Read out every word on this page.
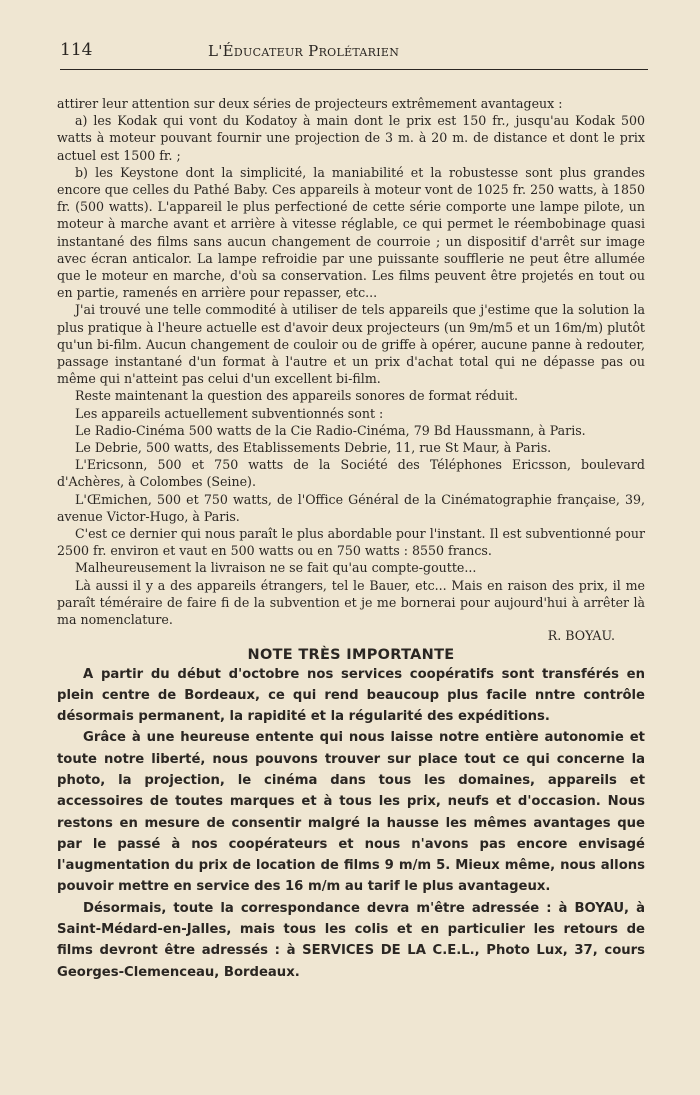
114	L'Éducateur Prolétarien

attirer leur attention sur deux séries de projecteurs extrêmement avantageux :

a) les Kodak qui vont du Kodatoy à main dont le prix est 150 fr., jusqu'au Kodak 500 watts à moteur pouvant fournir une projection de 3 m. à 20 m. de distance et dont le prix actuel est 1500 fr. ;

b) les Keystone dont la simplicité, la maniabilité et la robustesse sont plus grandes encore que celles du Pathé Baby. Ces appareils à moteur vont de 1025 fr. 250 watts, à 1850 fr. (500 watts). L'appareil le plus perfectioné de cette série comporte une lampe pilote, un moteur à marche avant et arrière à vitesse réglable, ce qui permet le réembobinage quasi instantané des films sans aucun changement de courroie ; un dispositif d'arrêt sur image avec écran anticalor. La lampe refroidie par une puissante soufflerie ne peut être allumée que le moteur en marche, d'où sa conservation. Les films peuvent être projetés en tout ou en partie, ramenés en arrière pour repasser, etc...

J'ai trouvé une telle commodité à utiliser de tels appareils que j'estime que la solution la plus pratique à l'heure actuelle est d'avoir deux projecteurs (un 9m/m5 et un 16m/m) plutôt qu'un bi-film. Aucun changement de couloir ou de griffe à opérer, aucune panne à redouter, passage instantané d'un format à l'autre et un prix d'achat total qui ne dépasse pas ou même qui n'atteint pas celui d'un excellent bi-film.

Reste maintenant la question des appareils sonores de format réduit.

Les appareils actuellement subventionnés sont :

Le Radio-Cinéma 500 watts de la Cie Radio-Cinéma, 79 Bd Haussmann, à Paris.

Le Debrie, 500 watts, des Etablissements Debrie, 11, rue St Maur, à Paris.

L'Ericsonn, 500 et 750 watts de la Société des Téléphones Ericsson, boulevard d'Achères, à Colombes (Seine).

L'Œmichen, 500 et 750 watts, de l'Office Général de la Cinématographie française, 39, avenue Victor-Hugo, à Paris.

C'est ce dernier qui nous paraît le plus abordable pour l'instant. Il est subventionné pour 2500 fr. environ et vaut en 500 watts ou en 750 watts : 8550 francs.

Malheureusement la livraison ne se fait qu'au compte-goutte...

Là aussi il y a des appareils étrangers, tel le Bauer, etc... Mais en raison des prix, il me paraît téméraire de faire fi de la subvention et je me bornerai pour aujourd'hui à arrêter là ma nomenclature.

R. BOYAU.

NOTE TRÈS IMPORTANTE

A partir du début d'octobre nos services coopératifs sont transférés en plein centre de Bordeaux, ce qui rend beaucoup plus facile nntre contrôle désormais permanent, la rapidité et la régularité des expéditions.

Grâce à une heureuse entente qui nous laisse notre entière autonomie et toute notre liberté, nous pouvons trouver sur place tout ce qui concerne la photo, la projection, le cinéma dans tous les domaines, appareils et accessoires de toutes marques et à tous les prix, neufs et d'occasion. Nous restons en mesure de consentir malgré la hausse les mêmes avantages que par le passé à nos coopérateurs et nous n'avons pas encore envisagé l'augmentation du prix de location de films 9 m/m 5. Mieux même, nous allons pouvoir mettre en service des 16 m/m au tarif le plus avantageux.

Désormais, toute la correspondance devra m'être adressée : à BOYAU, à Saint-Médard-en-Jalles, mais tous les colis et en particulier les retours de films devront être adressés : à SERVICES DE LA C.E.L., Photo Lux, 37, cours Georges-Clemenceau, Bordeaux.
